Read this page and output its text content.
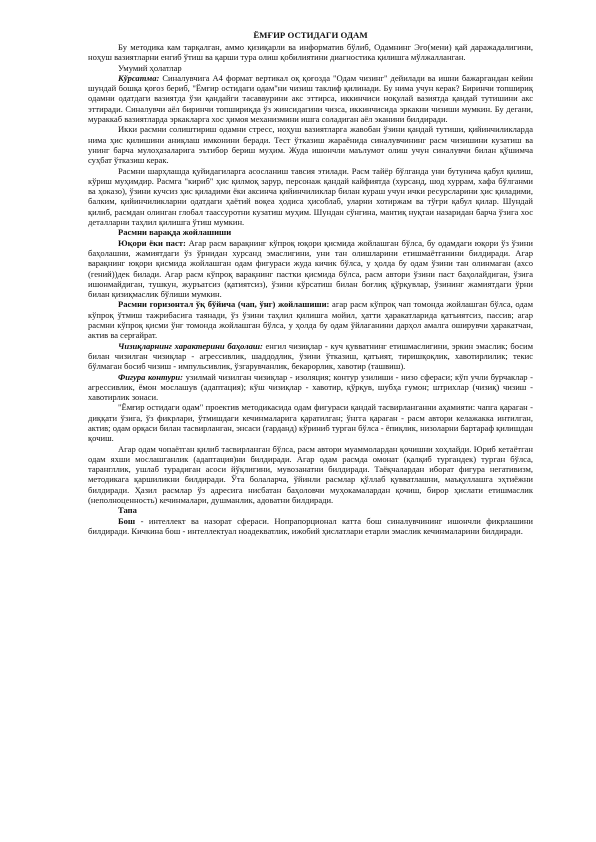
ЁМҒИР ОСТИДАГИ ОДАМ

Бу методика кам тарқалган, аммо қизиқарли ва информатив бўлиб, Одамнинг Эго(мени) қай даражадалигини, ноҳуш вазиятларни енгиб ўтиш ва қарши тура олиш қобилиятини диагностика қилишга мўлжалланган.

Умумий ҳолатлар

Кўрсатма: Синалувчига А4 формат вертикал оқ қоғозда "Одам чизинг" дейилади ва ишни бажаргандан кейин шундай бошқа қоғоз бериб, "Ёмғир остидаги одам"ни чизиш таклиф қилинади. Бу нима учун керак? Биринчи топшириқ одамни одатдаги вазиятда ўзи қандайги тасаввурини акс эттирса, иккинчиси ноқулай вазиятда қандай тутишини акс эттиради. Синалувчи аёл биринчи топшириқда ўз жинсидагини чизса, иккинчисида эркакни чизиши мумкин. Бу дегани, мураккаб вазиятларда эркакларга хос ҳимоя механизмини ишга соладиган аёл эканини билдиради.

Икки расмни солиштириш одамни стресс, ноҳуш вазиятларга жавобан ўзини қандай тутиши, қийинчиликларда нима ҳис қилишини аниқлаш имконини беради. Тест ўтказиш жараёнида синалувчининг расм чизишини кузатиш ва унинг барча мулоҳазаларига эътибор бериш муҳим. Жуда ишончли маълумот олиш учун синалувчи билан қўшимча суҳбат ўтказиш керак.

Расмни шарҳлашда қуйидагиларга асосланиш тавсия этилади. Расм тайёр бўлганда уни бутунича қабул қилиш, кўриш муҳимдир. Расмга "кириб" ҳис қилмоқ зарур, персонаж қандай кайфиятда (хурсанд, шод хуррам, хафа бўлганми ва ҳоказо), ўзини кучсиз ҳис қиладими ёки аксинча қийинчиликлар билан кураш учун ички ресурсларини ҳис қиладими, балким, қийинчиликларни одатдаги ҳаётий воқеа ҳодиса ҳисоблаб, уларни хотиржам ва тўғри қабул қилар. Шундай қилиб, расмдан олинган глобал таассуротни кузатиш муҳим. Шундан сўнгина, мантиқ нуқтаи назаридан барча ўзига хос деталларни таҳлил қилишга ўтиш мумкин.

Расмни варақда жойлашиши

Юқори ёки паст: Агар расм варақнинг кўпроқ юқори қисмида жойлашган бўлса, бу одамдаги юқори ўз ўзини баҳолашни, жамиятдаги ўз ўрнидан хурсанд эмаслигини, уни тан олишларини етишмаётганини билдиради. Агар варақнинг юқори қисмида жойлашган одам фигураси жуда кичик бўлса, у ҳолда бу одам ўзини тан олинмаган (ахсо (гений))дек билади. Агар расм кўпроқ варақнинг пастки қисмида бўлса, расм автори ўзини паст баҳолайдиган, ўзига ишонмайдиган, тушкун, журъатсиз (қатиятсиз), ўзини кўрсатиш билан боғлиқ қўрқувлар, ўзининг жамиятдаги ўрни билан қизиқмаслик бўлиши мумкин.

Расмни горизонтал ўқ бўйича (чап, ўнг) жойлашиши: агар расм кўпроқ чап томонда жойлашган бўлса, одам кўпроқ ўтмиш тажрибасига таянади, ўз ўзини таҳлил қилишга мойил, ҳатти ҳаракатларида қатъиятсиз, пассив; агар расмни кўпроқ қисми ўнг томонда жойлашган бўлса, у ҳолда бу одам ўйлаганини дарҳол амалга оширувчи ҳаракатчан, актив ва серғайрат.

Чизиқларнинг характерини баҳолаш: енгил чизиқлар - куч қувватнинг етишмаслигини, эркин эмаслик; босим билан чизилган чизиқлар - агрессивлик, шаддодлик, ўзини ўтказиш, қатъият, тиришқоқлик, хавотирлилик; текис бўлмаган босиб чизиш - импульсивлик, ўзгарувчанлик, бекарорлик, хавотир (ташвиш).

Фигура контури: узилмай чизилган чизиқлар - изоляция; контур узилиши - низо сфераси; кўп учли бурчаклар - агрессивлик, ёмон мослашув (адаптация); кўш чизиқлар - хавотир, қўрқув, шубҳа гумон; штрихлар (чизиқ) чизиш - хавотирлик зонаси.

"Ёмғир остидаги одам" проектив методикасида одам фигураси қандай тасвирланганни аҳамияти: чапга қараган - диққати ўзига, ўз фикрлари, ўтмишдаги кечинмаларига қаратилган; ўнгга қараган - расм автори келажакка интилган, актив; одам орқаси билан тасвирланган, энсаси (гарданд) кўриниб турган бўлса - ёпиқлик, низоларни бартараф қилишдан қочиш.

Агар одам чопаётган қилиб тасвирланган бўлса, расм автори муаммолардан қочишни хоҳлайди. Юриб кетаётган одам яхши мослашганлик (адаптация)ни билдиради. Агар одам расмда омонат (қалқиб тургандек) турган бўлса, тарангллик, ушлаб турадиган асоси йўқлигини, мувозанатни билдиради. Таёқчалардан иборат фигура негативизм, методикага қаршиликни билдиради. Ўта болаларча, ўйинли расмлар қўллаб қувватлашни, маъқуллашга эҳтиёжни билдиради. Ҳазил расмлар ўз адресига нисбатан баҳоловчи муҳокамалардан қочиш, бирор ҳислати етишмаслик (неполноценность) кечинмалари, душманлик, адоватни билдиради.

Тапа

Бош - интеллект ва назорат сфераси. Нопрапорционал катта бош синалувчининг ишончли фикрлашини билдиради. Кичкина бош - интеллектуал ноадекватлик, ижобий ҳислатлари етарли эмаслик кечинмаларини билдиради.
